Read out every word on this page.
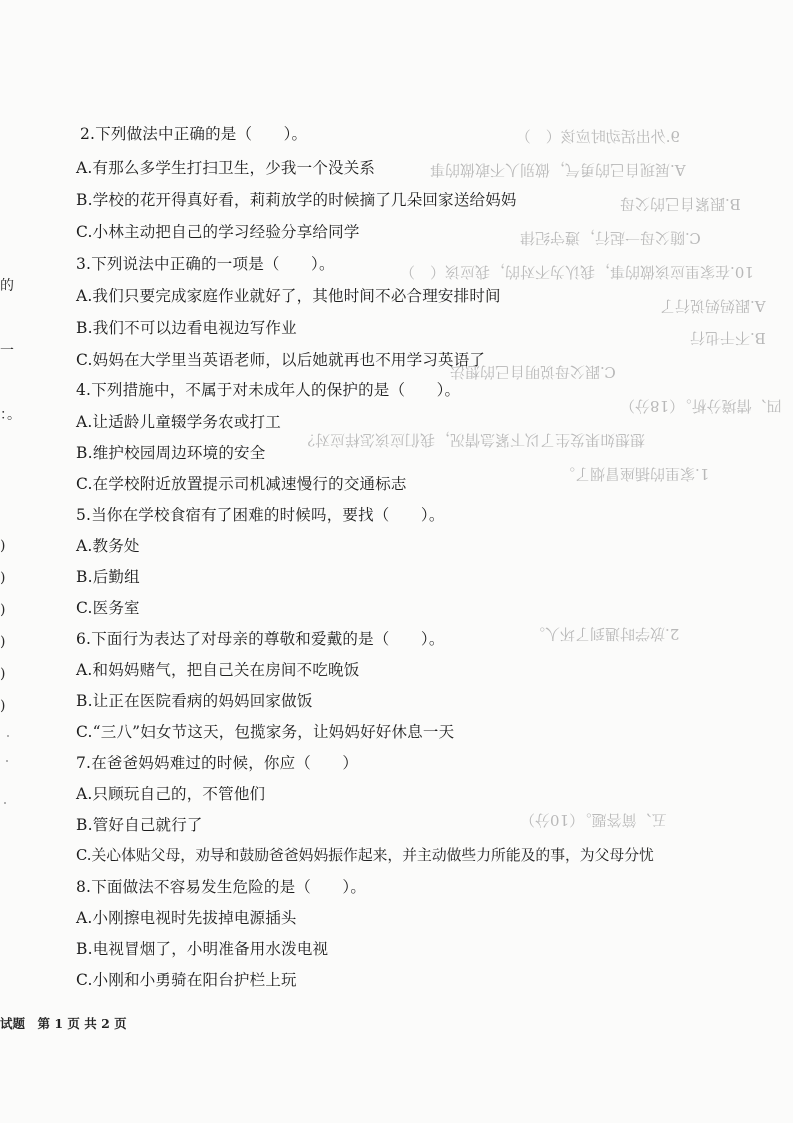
9.外出活动时应该（　）
A.展现自己的勇气，做别人不敢做的事
B.跟紧自己的父母
C.随父母一起行，遵守纪律
10.在家里应该做的事，我认为不对的，我应该（　）
A.跟妈妈说行了
B.不干也行
C.跟父母说明自己的想法
四、情境分析。（18分）
想想如果发生了以下紧急情况，我们应该怎样应对？
1.家里的插座冒烟了。
2.放学时遇到了坏人。
五、简答题。（10分）
的
一
：。
)
)
)
)
)
)
2.下列做法中正确的是（　　）。
A.有那么多学生打扫卫生，少我一个没关系
B.学校的花开得真好看，莉莉放学的时候摘了几朵回家送给妈妈
C.小林主动把自己的学习经验分享给同学
3.下列说法中正确的一项是（　　）。
A.我们只要完成家庭作业就好了，其他时间不必合理安排时间
B.我们不可以边看电视边写作业
C.妈妈在大学里当英语老师，以后她就再也不用学习英语了
4.下列措施中，不属于对未成年人的保护的是（　　）。
A.让适龄儿童辍学务农或打工
B.维护校园周边环境的安全
C.在学校附近放置提示司机减速慢行的交通标志
5.当你在学校食宿有了困难的时候吗，要找（　　）。
A.教务处
B.后勤组
C.医务室
6.下面行为表达了对母亲的尊敬和爱戴的是（　　）。
A.和妈妈赌气，把自己关在房间不吃晚饭
B.让正在医院看病的妈妈回家做饭
C.“三八”妇女节这天，包揽家务，让妈妈好好休息一天
7.在爸爸妈妈难过的时候，你应（　　）
A.只顾玩自己的，不管他们
B.管好自己就行了
C.关心体贴父母，劝导和鼓励爸爸妈妈振作起来，并主动做些力所能及的事，为父母分忧
8.下面做法不容易发生危险的是（　　）。
A.小刚擦电视时先拔掉电源插头
B.电视冒烟了，小明准备用水泼电视
C.小刚和小勇骑在阳台护栏上玩
试题　第 1 页 共 2 页
